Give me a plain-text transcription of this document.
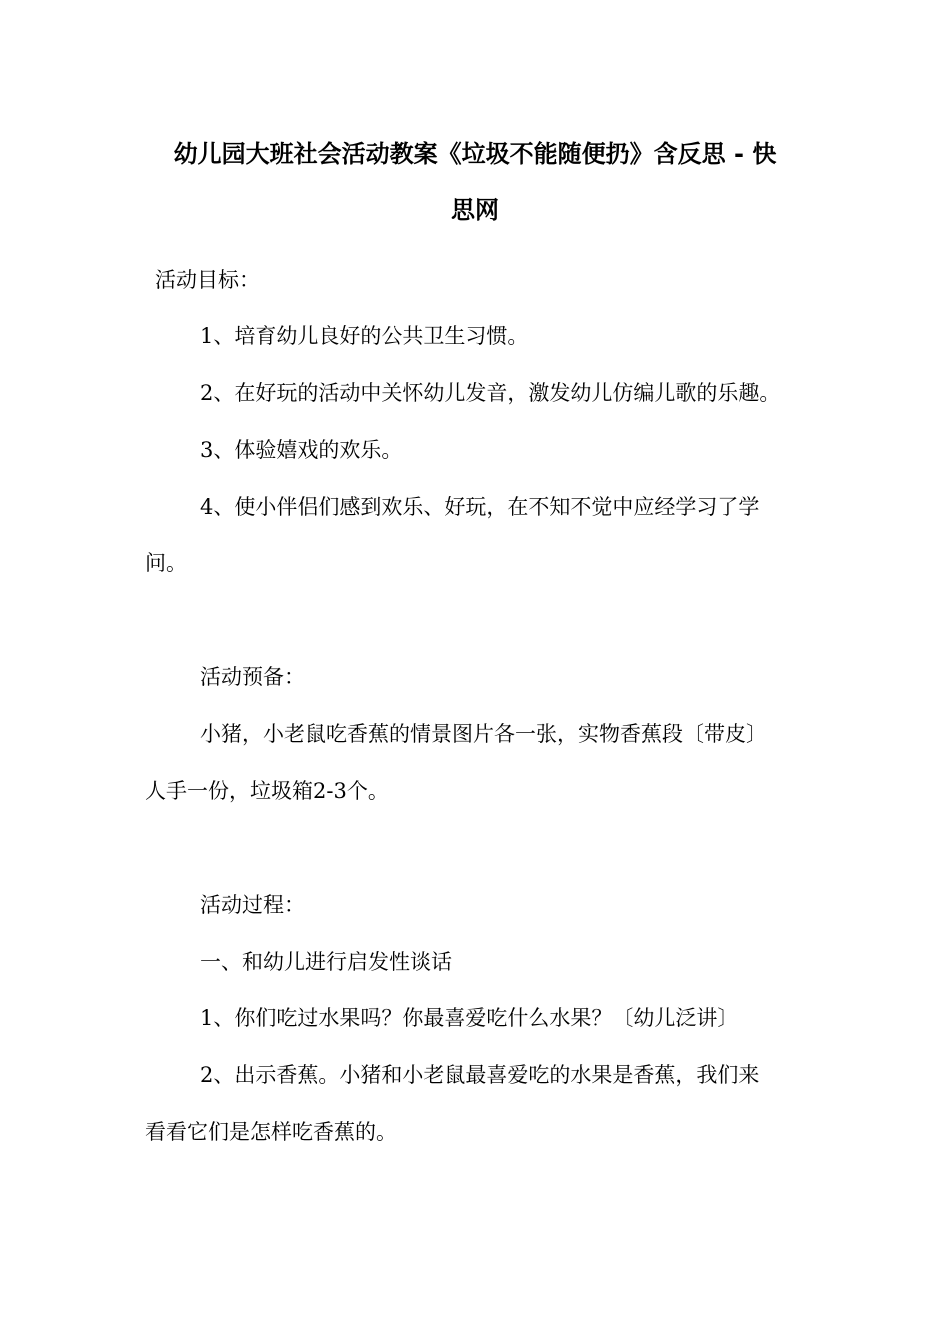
幼儿园大班社会活动教案《垃圾不能随便扔》含反思 - 快
思网
活动目标：
1、培育幼儿良好的公共卫生习惯。
2、在好玩的活动中关怀幼儿发音，激发幼儿仿编儿歌的乐趣。
3、体验嬉戏的欢乐。
4、使小伴侣们感到欢乐、好玩，在不知不觉中应经学习了学
问。
活动预备：
小猪，小老鼠吃香蕉的情景图片各一张，实物香蕉段〔带皮〕
人手一份，垃圾箱2-3个。
活动过程：
一、和幼儿进行启发性谈话
1、你们吃过水果吗？你最喜爱吃什么水果？〔幼儿泛讲〕
2、出示香蕉。小猪和小老鼠最喜爱吃的水果是香蕉，我们来
看看它们是怎样吃香蕉的。
